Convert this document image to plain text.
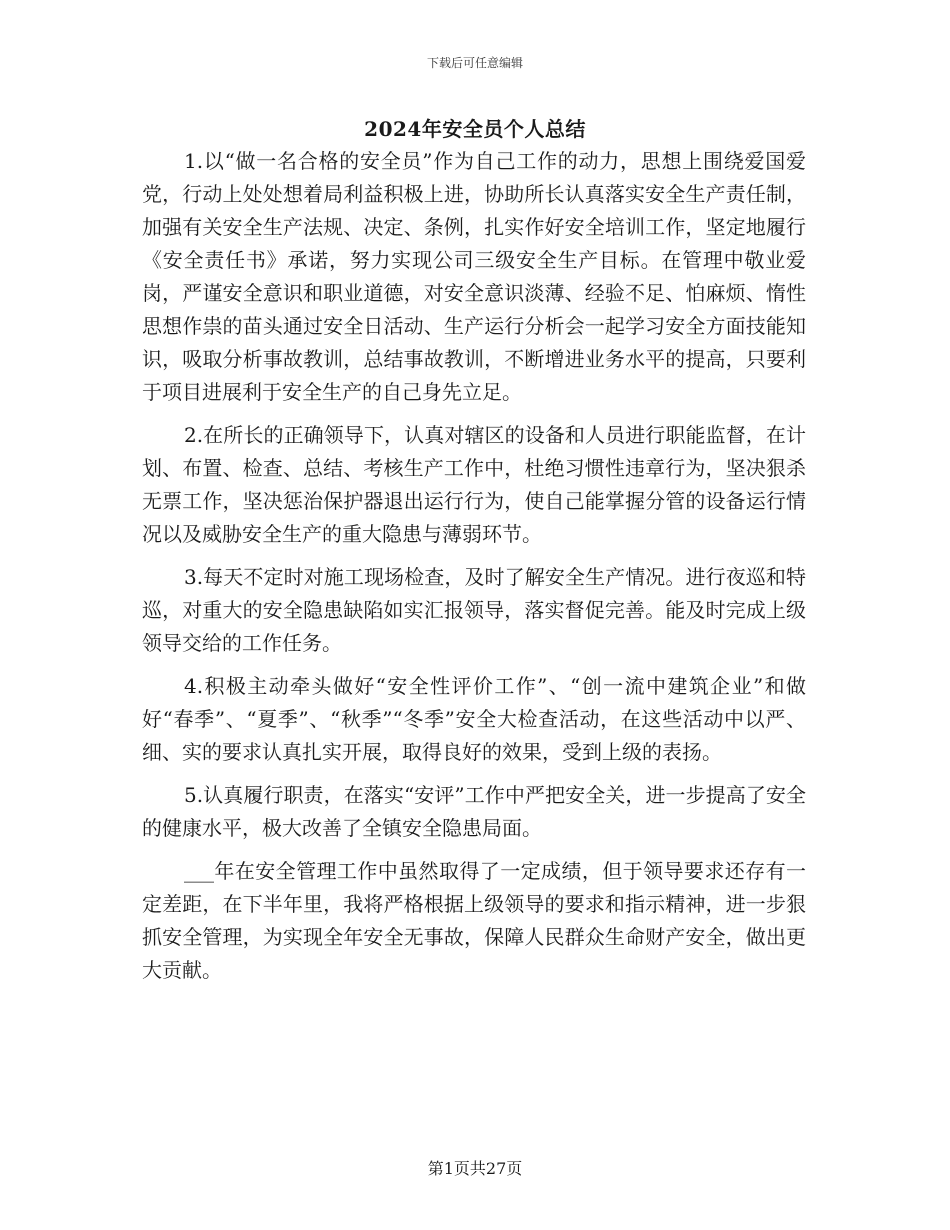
下载后可任意编辑
2024年安全员个人总结

1.以“做一名合格的安全员”作为自己工作的动力，思想上围绕爱国爱党，行动上处处想着局利益积极上进，协助所长认真落实安全生产责任制，加强有关安全生产法规、决定、条例，扎实作好安全培训工作，坚定地履行《安全责任书》承诺，努力实现公司三级安全生产目标。在管理中敬业爱岗，严谨安全意识和职业道德，对安全意识淡薄、经验不足、怕麻烦、惰性思想作祟的苗头通过安全日活动、生产运行分析会一起学习安全方面技能知识，吸取分析事故教训，总结事故教训，不断增进业务水平的提高，只要利于项目进展利于安全生产的自己身先立足。

2.在所长的正确领导下，认真对辖区的设备和人员进行职能监督，在计划、布置、检查、总结、考核生产工作中，杜绝习惯性违章行为，坚决狠杀无票工作，坚决惩治保护器退出运行行为，使自己能掌握分管的设备运行情况以及威胁安全生产的重大隐患与薄弱环节。

3.每天不定时对施工现场检查，及时了解安全生产情况。进行夜巡和特巡，对重大的安全隐患缺陷如实汇报领导，落实督促完善。能及时完成上级领导交给的工作任务。

4.积极主动牵头做好“安全性评价工作”、“创一流中建筑企业”和做好“春季”、“夏季”、“秋季”“冬季”安全大检查活动，在这些活动中以严、细、实的要求认真扎实开展，取得良好的效果，受到上级的表扬。

5.认真履行职责，在落实“安评”工作中严把安全关，进一步提高了安全的健康水平，极大改善了全镇安全隐患局面。

___年在安全管理工作中虽然取得了一定成绩，但于领导要求还存有一定差距，在下半年里，我将严格根据上级领导的要求和指示精神，进一步狠抓安全管理，为实现全年安全无事故，保障人民群众生命财产安全，做出更大贡献。

第1页共27页
